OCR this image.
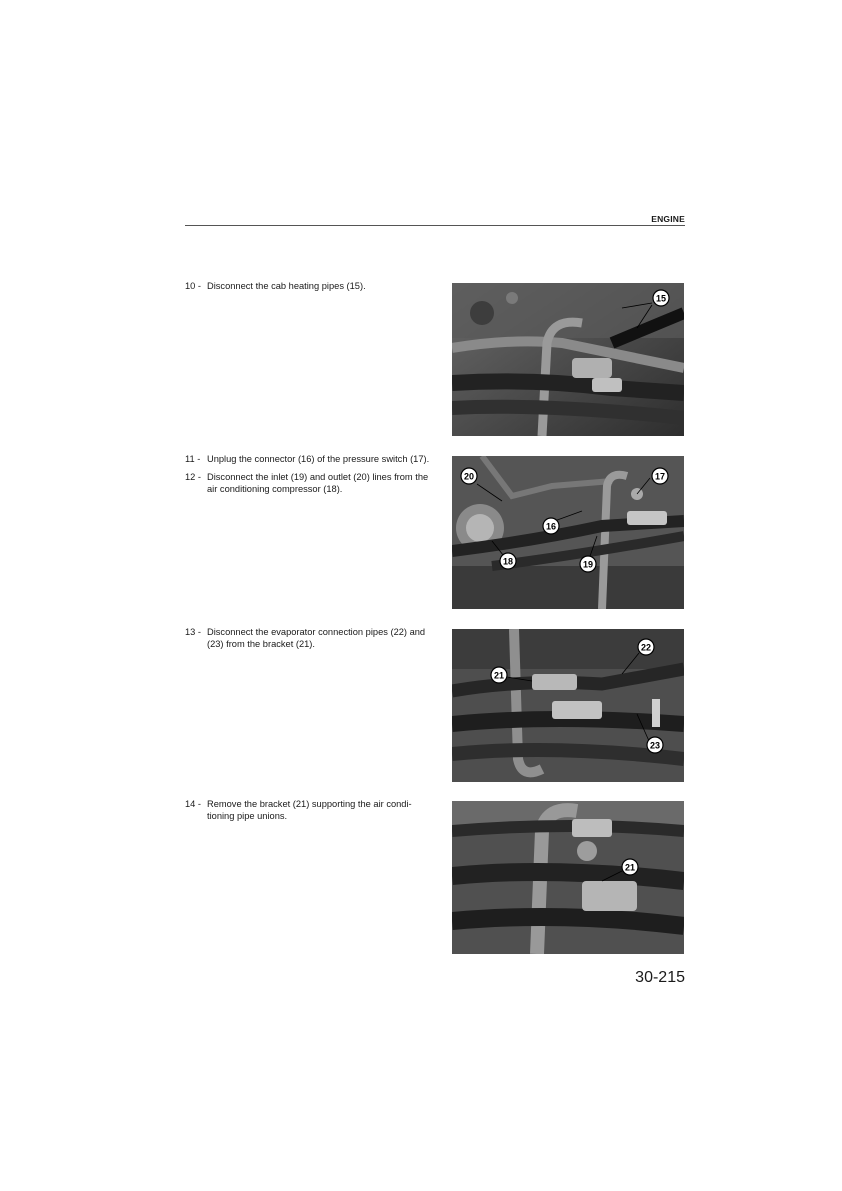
ENGINE
10 - Disconnect the cab heating pipes (15).
11 - Unplug the connector (16) of the pressure switch (17).
12 - Disconnect the inlet (19) and outlet (20) lines from the air conditioning compressor (18).
13 - Disconnect the evaporator connection pipes (22) and (23) from the bracket (21).
14 - Remove the bracket (21) supporting the air condi-tioning pipe unions.
15
20	17
16
18	19
22
21
23
21
30-215
